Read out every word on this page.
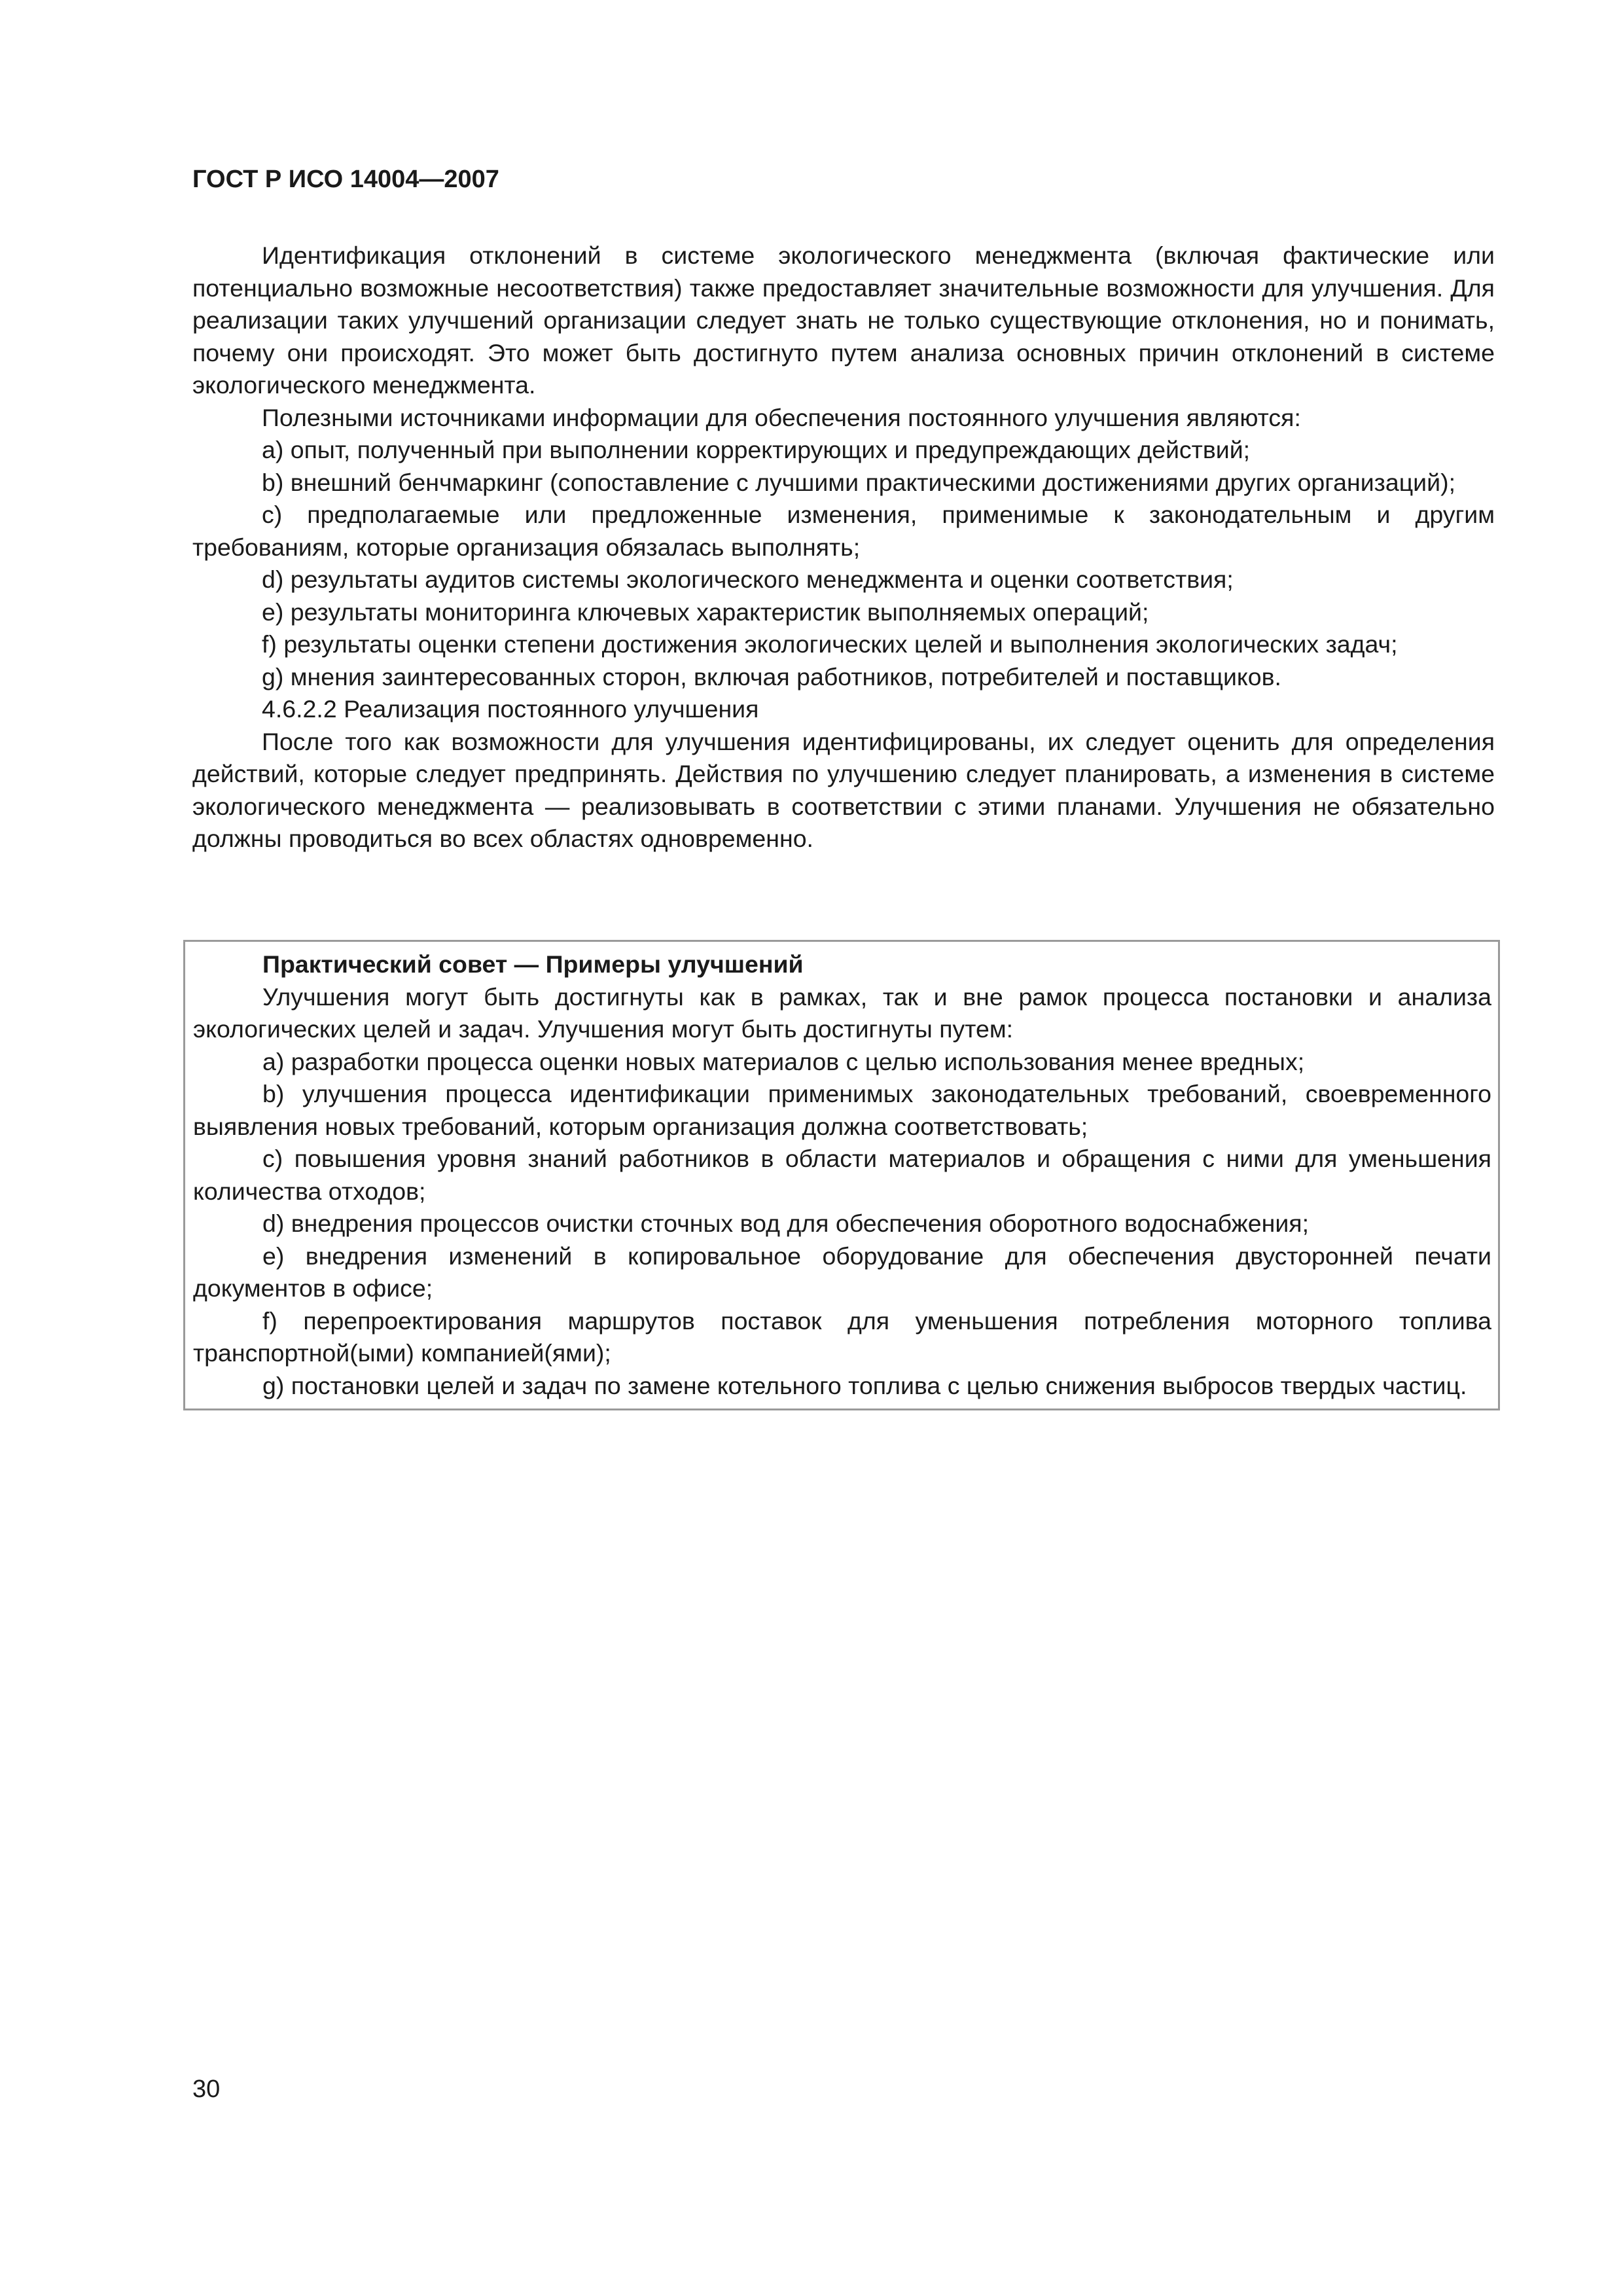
ГОСТ Р ИСО 14004—2007

Идентификация отклонений в системе экологического менеджмента (включая фактические или потенциально возможные несоответствия) также предоставляет значительные возможности для улучшения. Для реализации таких улучшений организации следует знать не только существующие отклонения, но и понимать, почему они происходят. Это может быть достигнуто путем анализа основных причин отклонений в системе экологического менеджмента.

Полезными источниками информации для обеспечения постоянного улучшения являются:

a) опыт, полученный при выполнении корректирующих и предупреждающих действий;

b) внешний бенчмаркинг (сопоставление с лучшими практическими достижениями других организаций);

c) предполагаемые или предложенные изменения, применимые к законодательным и другим требованиям, которые организация обязалась выполнять;

d) результаты аудитов системы экологического менеджмента и оценки соответствия;

e) результаты мониторинга ключевых характеристик выполняемых операций;

f) результаты оценки степени достижения экологических целей и выполнения экологических задач;

g) мнения заинтересованных сторон, включая работников, потребителей и поставщиков.

4.6.2.2 Реализация постоянного улучшения

После того как возможности для улучшения идентифицированы, их следует оценить для определения действий, которые следует предпринять. Действия по улучшению следует планировать, а изменения в системе экологического менеджмента — реализовывать в соответствии с этими планами. Улучшения не обязательно должны проводиться во всех областях одновременно.

Практический совет — Примеры улучшений

Улучшения могут быть достигнуты как в рамках, так и вне рамок процесса постановки и анализа экологических целей и задач. Улучшения могут быть достигнуты путем:

a) разработки процесса оценки новых материалов с целью использования менее вредных;

b) улучшения процесса идентификации применимых законодательных требований, своевременного выявления новых требований, которым организация должна соответствовать;

c) повышения уровня знаний работников в области материалов и обращения с ними для уменьшения количества отходов;

d) внедрения процессов очистки сточных вод для обеспечения оборотного водоснабжения;

e) внедрения изменений в копировальное оборудование для обеспечения двусторонней печати документов в офисе;

f) перепроектирования маршрутов поставок для уменьшения потребления моторного топлива транспортной(ыми) компанией(ями);

g) постановки целей и задач по замене котельного топлива с целью снижения выбросов твердых частиц.

30
